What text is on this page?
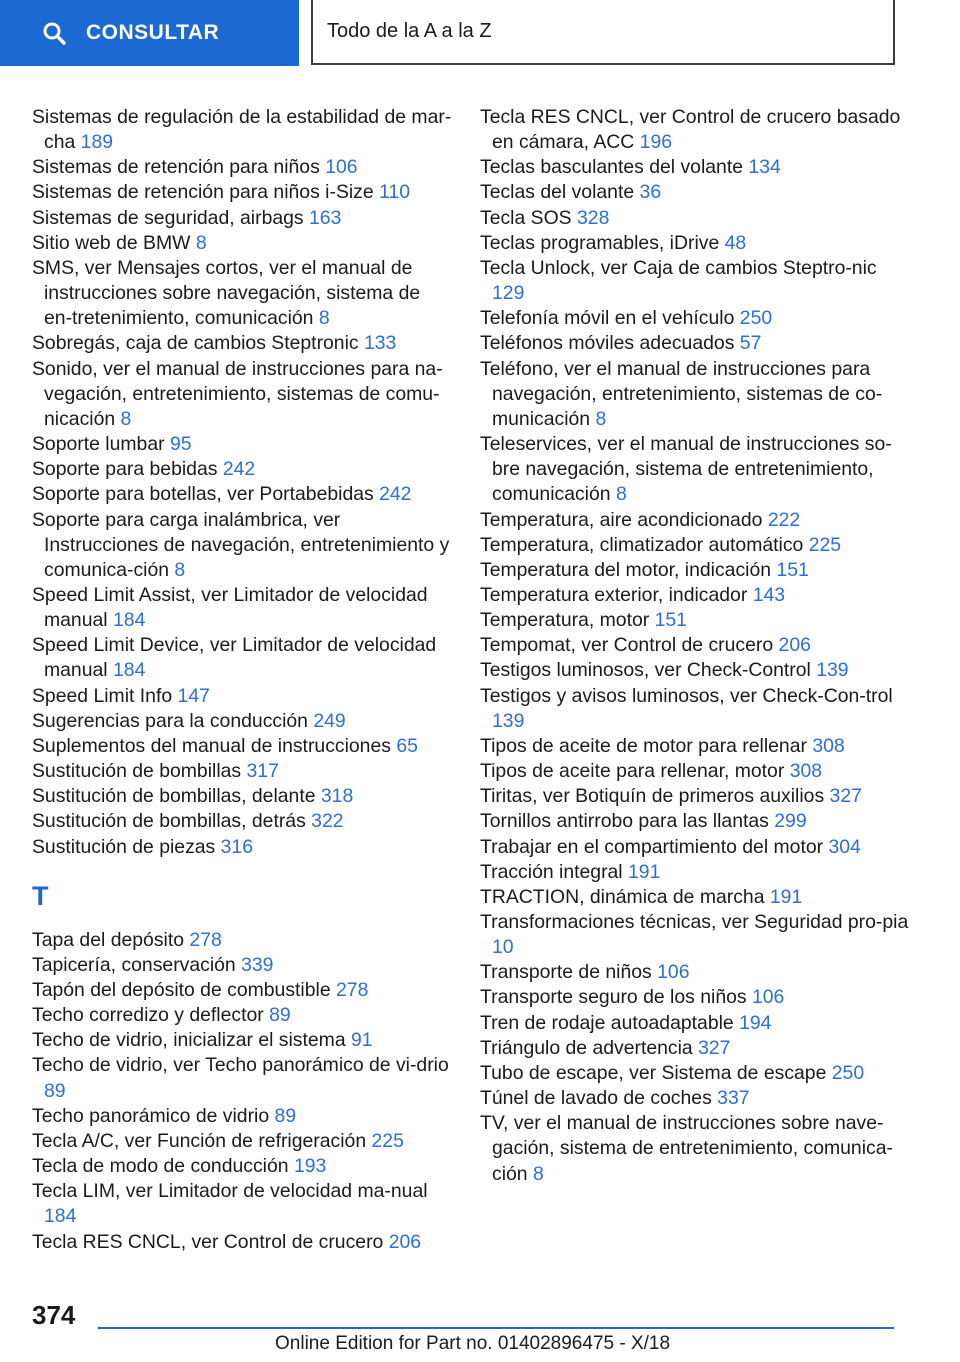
CONSULTAR	Todo de la A a la Z
Sistemas de regulación de la estabilidad de mar‐cha 189
Sistemas de retención para niños 106
Sistemas de retención para niños i-Size 110
Sistemas de seguridad, airbags 163
Sitio web de BMW 8
SMS, ver Mensajes cortos, ver el manual de instrucciones sobre navegación, sistema de en‐tretenimiento, comunicación 8
Sobregás, caja de cambios Steptronic 133
Sonido, ver el manual de instrucciones para na‐vegación, entretenimiento, sistemas de comu‐nicación 8
Soporte lumbar 95
Soporte para bebidas 242
Soporte para botellas, ver Portabebidas 242
Soporte para carga inalámbrica, ver Instrucciones de navegación, entretenimiento y comunica‐ción 8
Speed Limit Assist, ver Limitador de velocidad manual 184
Speed Limit Device, ver Limitador de velocidad manual 184
Speed Limit Info 147
Sugerencias para la conducción 249
Suplementos del manual de instrucciones 65
Sustitución de bombillas 317
Sustitución de bombillas, delante 318
Sustitución de bombillas, detrás 322
Sustitución de piezas 316
T
Tapa del depósito 278
Tapicería, conservación 339
Tapón del depósito de combustible 278
Techo corredizo y deflector 89
Techo de vidrio, inicializar el sistema 91
Techo de vidrio, ver Techo panorámico de vi‐drio 89
Techo panorámico de vidrio 89
Tecla A/C, ver Función de refrigeración 225
Tecla de modo de conducción 193
Tecla LIM, ver Limitador de velocidad ma‐nual 184
Tecla RES CNCL, ver Control de crucero 206
Tecla RES CNCL, ver Control de crucero basado en cámara, ACC 196
Teclas basculantes del volante 134
Teclas del volante 36
Tecla SOS 328
Teclas programables, iDrive 48
Tecla Unlock, ver Caja de cambios Steptro‐nic 129
Telefonía móvil en el vehículo 250
Teléfonos móviles adecuados 57
Teléfono, ver el manual de instrucciones para navegación, entretenimiento, sistemas de co‐municación 8
Teleservices, ver el manual de instrucciones so‐bre navegación, sistema de entretenimiento, comunicación 8
Temperatura, aire acondicionado 222
Temperatura, climatizador automático 225
Temperatura del motor, indicación 151
Temperatura exterior, indicador 143
Temperatura, motor 151
Tempomat, ver Control de crucero 206
Testigos luminosos, ver Check-Control 139
Testigos y avisos luminosos, ver Check-Con‐trol 139
Tipos de aceite de motor para rellenar 308
Tipos de aceite para rellenar, motor 308
Tiritas, ver Botiquín de primeros auxilios 327
Tornillos antirrobo para las llantas 299
Trabajar en el compartimiento del motor 304
Tracción integral 191
TRACTION, dinámica de marcha 191
Transformaciones técnicas, ver Seguridad pro‐pia 10
Transporte de niños 106
Transporte seguro de los niños 106
Tren de rodaje autoadaptable 194
Triángulo de advertencia 327
Tubo de escape, ver Sistema de escape 250
Túnel de lavado de coches 337
TV, ver el manual de instrucciones sobre nave‐gación, sistema de entretenimiento, comunica‐ción 8
374
Online Edition for Part no. 01402896475 - X/18
